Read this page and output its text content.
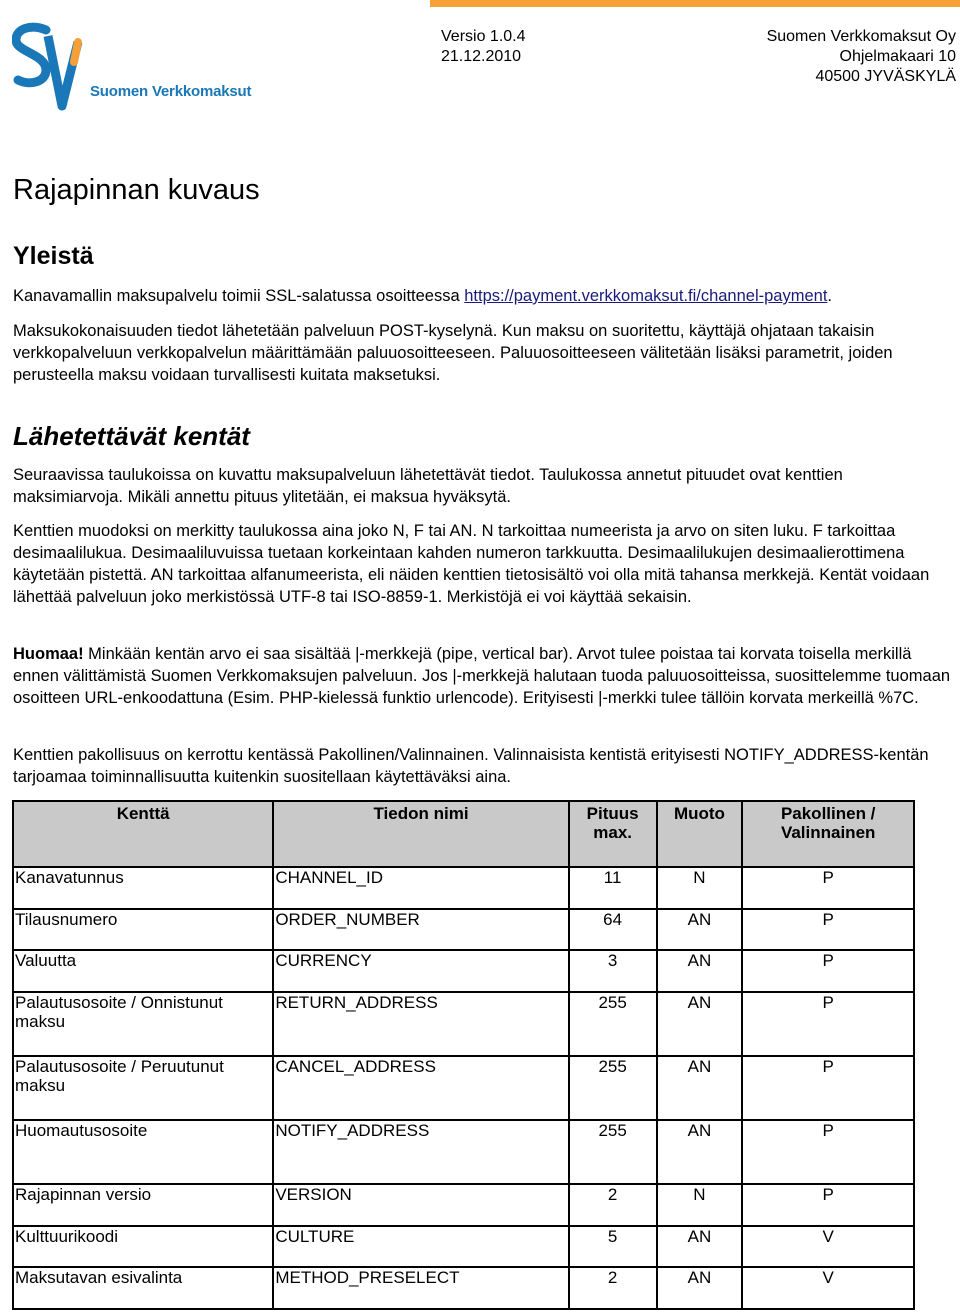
Suomen Verkkomaksut
Versio 1.0.4
21.12.2010
Suomen Verkkomaksut Oy
Ohjelmakaari 10
40500 JYVÄSKYLÄ
Rajapinnan kuvaus
Yleistä

Kanavamallin maksupalvelu toimii SSL-salatussa osoitteessa https://payment.verkkomaksut.fi/channel-payment.

Maksukokonaisuuden tiedot lähetetään palveluun POST-kyselynä. Kun maksu on suoritettu, käyttäjä ohjataan takaisin verkkopalveluun verkkopalvelun määrittämään paluuosoitteeseen. Paluuosoitteeseen välitetään lisäksi parametrit, joiden perusteella maksu voidaan turvallisesti kuitata maksetuksi.

Lähetettävät kentät

Seuraavissa taulukoissa on kuvattu maksupalveluun lähetettävät tiedot. Taulukossa annetut pituudet ovat kenttien maksimiarvoja. Mikäli annettu pituus ylitetään, ei maksua hyväksytä.

Kenttien muodoksi on merkitty taulukossa aina joko N, F tai AN. N tarkoittaa numeerista ja arvo on siten luku. F tarkoittaa desimaalilukua. Desimaaliluvuissa tuetaan korkeintaan kahden numeron tarkkuutta. Desimaalilukujen desimaalierottimena käytetään pistettä. AN tarkoittaa alfanumeerista, eli näiden kenttien tietosisältö voi olla mitä tahansa merkkejä. Kentät voidaan lähettää palveluun joko merkistössä UTF-8 tai ISO-8859-1. Merkistöjä ei voi käyttää sekaisin.

Huomaa! Minkään kentän arvo ei saa sisältää |-merkkejä (pipe, vertical bar). Arvot tulee poistaa tai korvata toisella merkillä ennen välittämistä Suomen Verkkomaksujen palveluun. Jos |-merkkejä halutaan tuoda paluuosoitteissa, suosittelemme tuomaan osoitteen URL-enkoodattuna (Esim. PHP-kielessä funktio urlencode). Erityisesti |-merkki tulee tällöin korvata merkeillä %7C.

Kenttien pakollisuus on kerrottu kentässä Pakollinen/Valinnainen. Valinnaisista kentistä erityisesti NOTIFY_ADDRESS-kentän tarjoamaa toiminnallisuutta kuitenkin suositellaan käytettäväksi aina.

Kenttä	Tiedon nimi	Pituus max.	Muoto	Pakollinen / Valinnainen
Kanavatunnus	CHANNEL_ID	11	N	P
Tilausnumero	ORDER_NUMBER	64	AN	P
Valuutta	CURRENCY	3	AN	P
Palautusosoite / Onnistunut maksu	RETURN_ADDRESS	255	AN	P
Palautusosoite / Peruutunut maksu	CANCEL_ADDRESS	255	AN	P
Huomautusosoite	NOTIFY_ADDRESS	255	AN	P
Rajapinnan versio	VERSION	2	N	P
Kulttuurikoodi	CULTURE	5	AN	V
Maksutavan esivalinta	METHOD_PRESELECT	2	AN	V
